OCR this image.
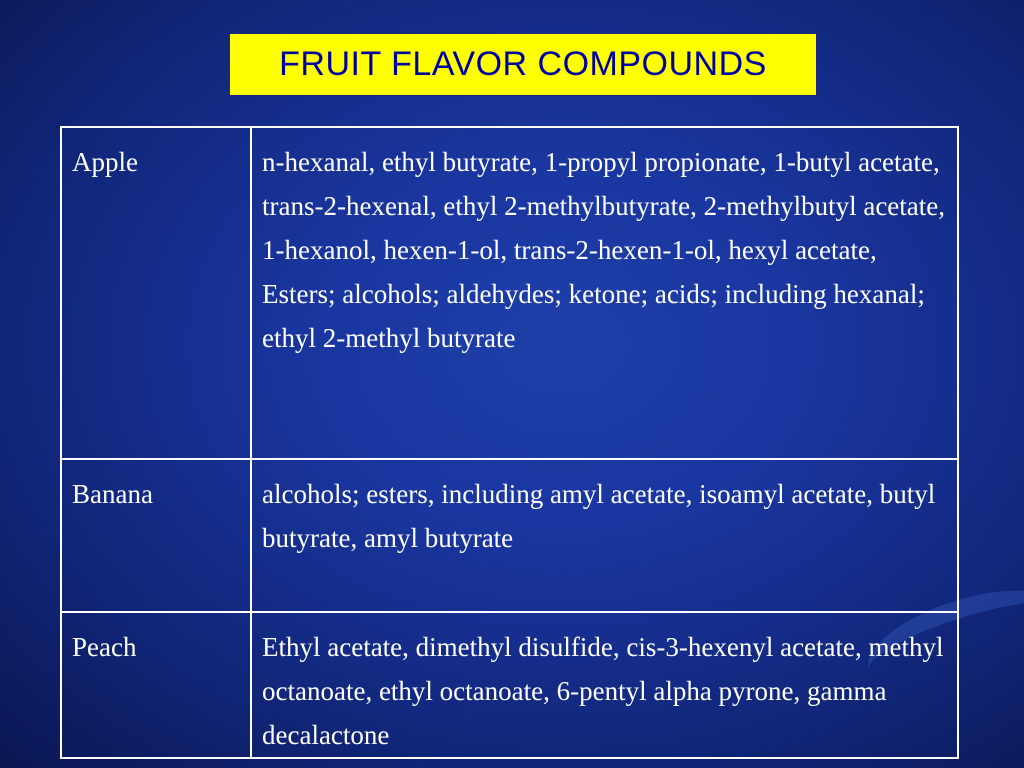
FRUIT FLAVOR COMPOUNDS
Apple	n-hexanal, ethyl butyrate, 1-propyl propionate, 1-butyl acetate, trans-2-hexenal, ethyl 2-methylbutyrate, 2-methylbutyl acetate, 1-hexanol, hexen-1-ol, trans-2-hexen-1-ol, hexyl acetate, Esters; alcohols; aldehydes; ketone; acids; including hexanal; ethyl 2-methyl butyrate
Banana	alcohols; esters, including amyl acetate, isoamyl acetate, butyl butyrate, amyl butyrate
Peach	Ethyl acetate, dimethyl disulfide, cis-3-hexenyl acetate, methyl octanoate, ethyl octanoate, 6-pentyl alpha pyrone, gamma decalactone
